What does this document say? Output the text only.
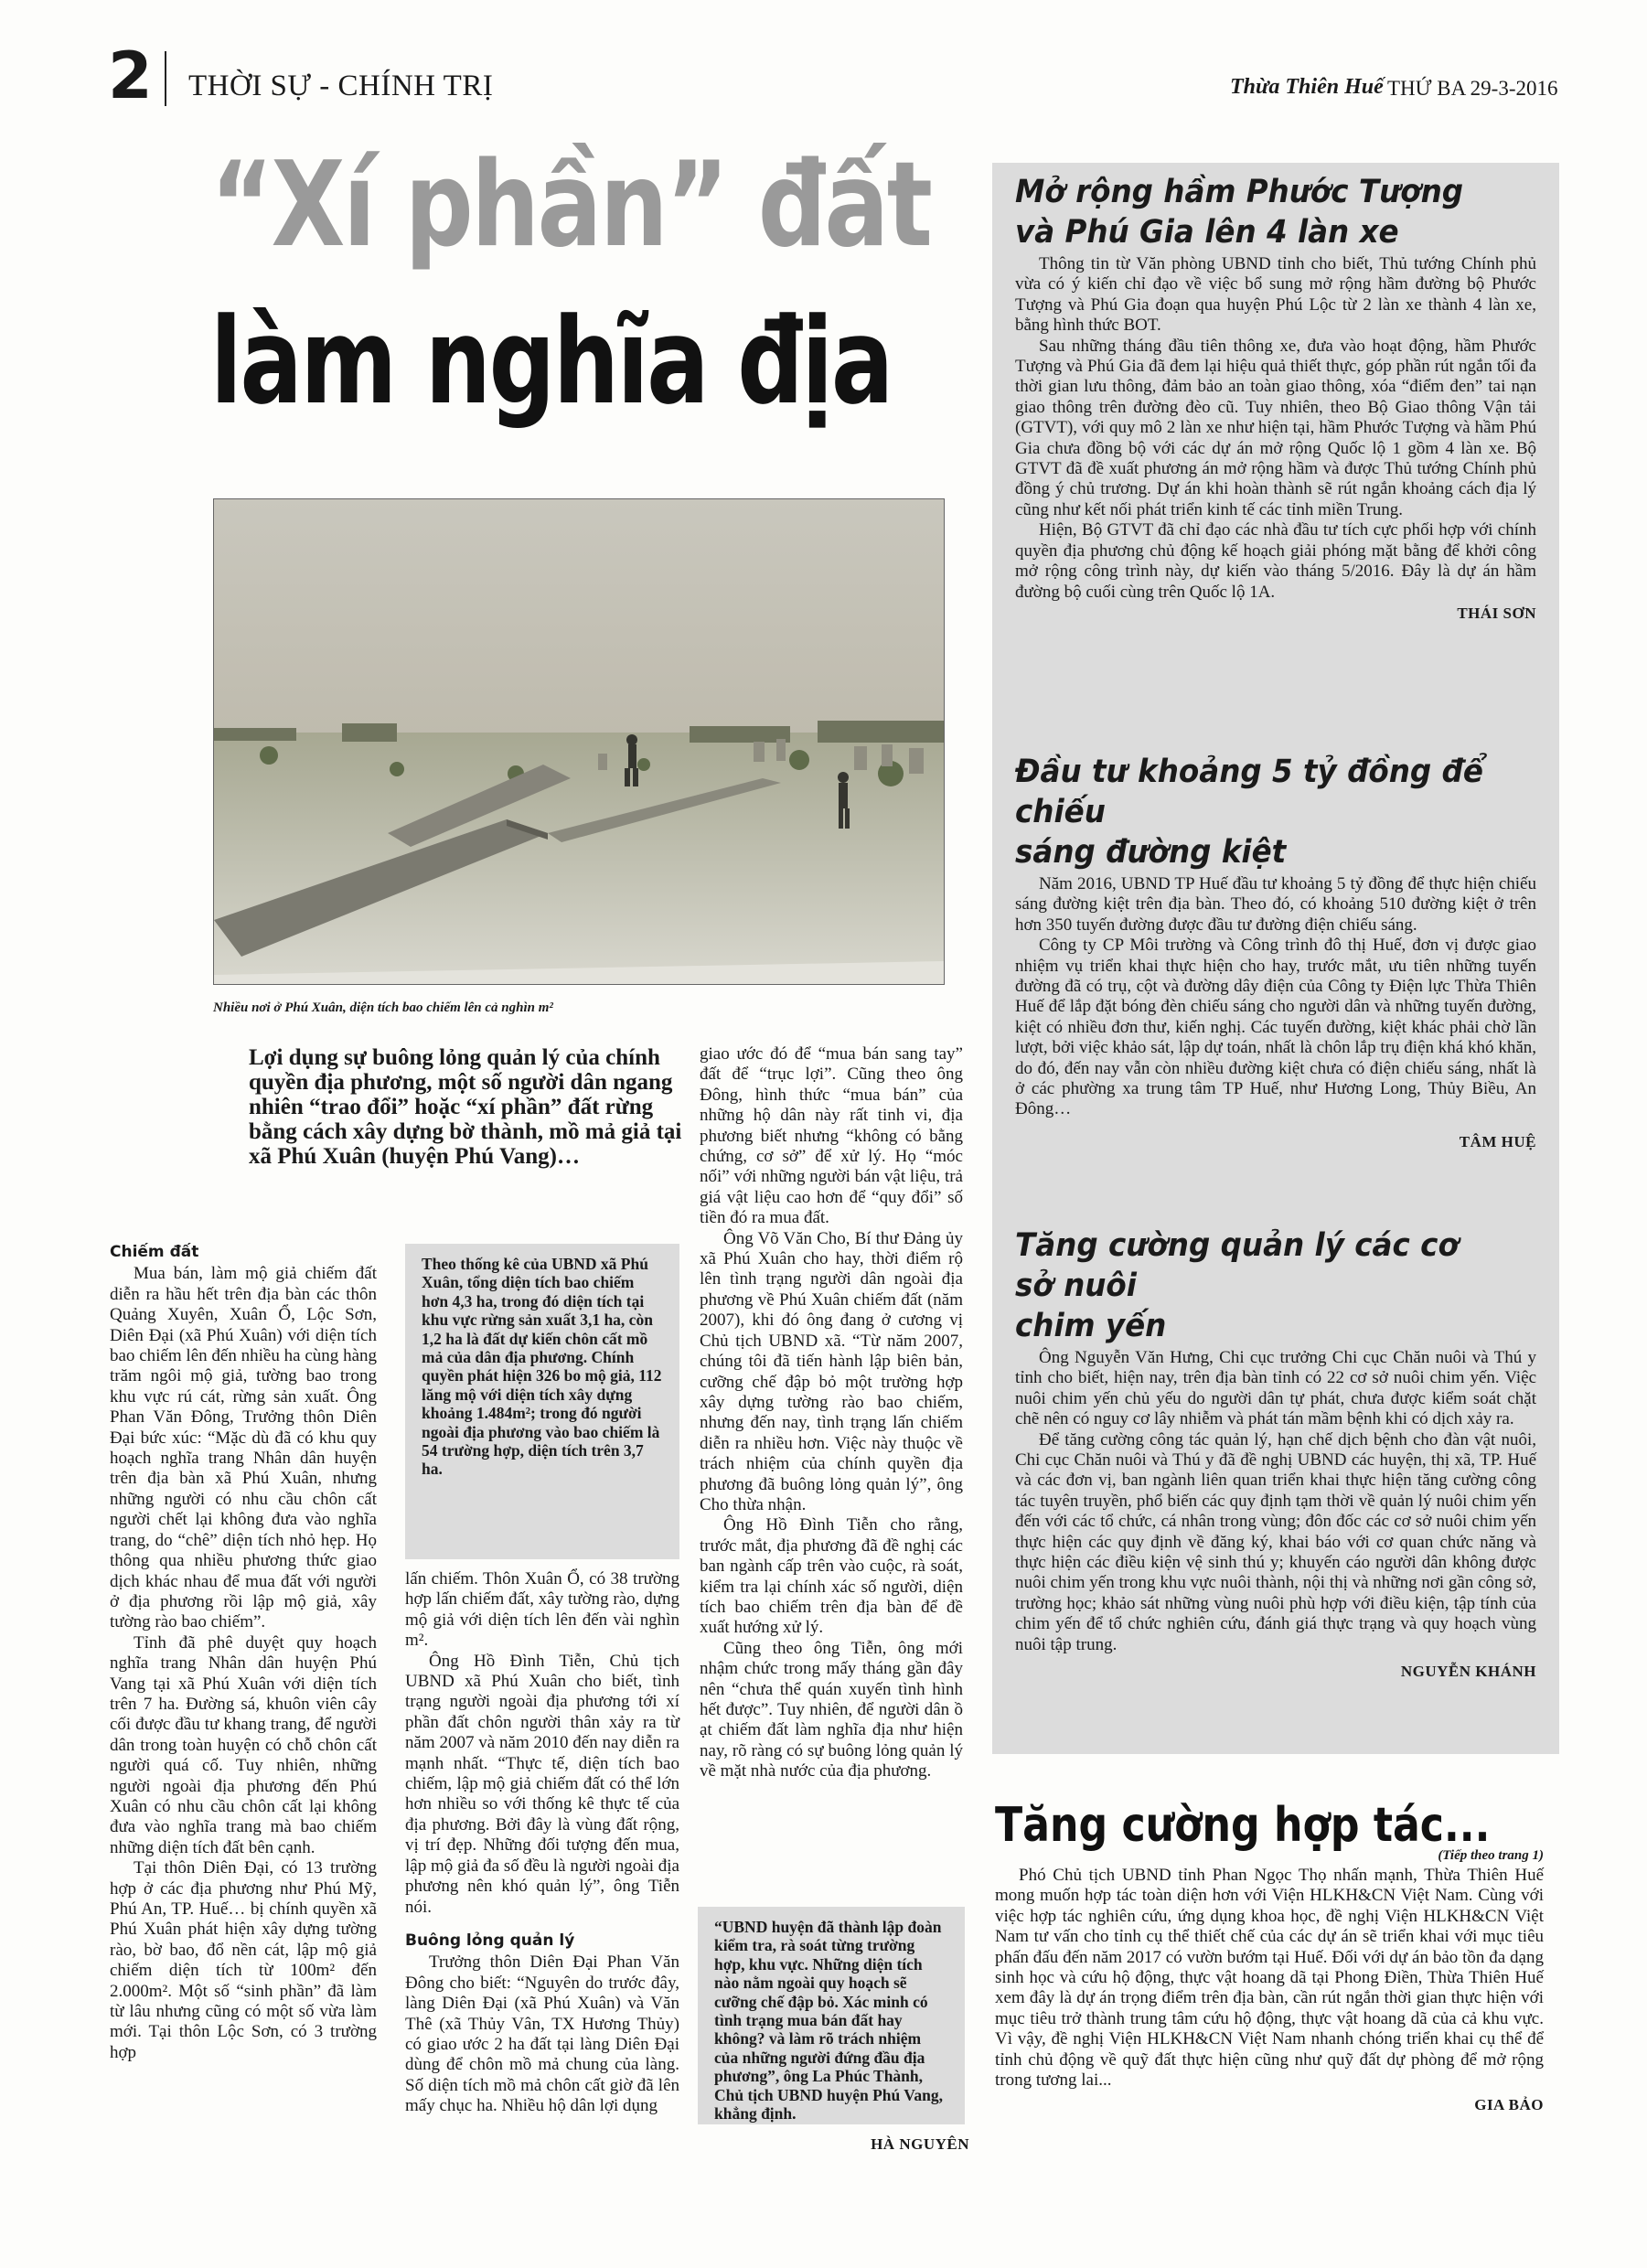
2 THỜI SỰ - CHÍNH TRỊ	Thừa Thiên Huế THỨ BA 29-3-2016
“Xí phần” đất
làm nghĩa địa
Nhiều nơi ở Phú Xuân, diện tích bao chiếm lên cả nghìn m²
Lợi dụng sự buông lỏng quản lý của chính quyền địa phương, một số người dân ngang nhiên “trao đổi” hoặc “xí phần” đất rừng bằng cách xây dựng bờ thành, mồ mả giả tại xã Phú Xuân (huyện Phú Vang)…
Chiếm đất

Mua bán, làm mộ giả chiếm đất diễn ra hầu hết trên địa bàn các thôn Quảng Xuyên, Xuân Ổ, Lộc Sơn, Diên Đại (xã Phú Xuân) với diện tích bao chiếm lên đến nhiều ha cùng hàng trăm ngôi mộ giả, tường bao trong khu vực rú cát, rừng sản xuất. Ông Phan Văn Đông, Trưởng thôn Diên Đại bức xúc: “Mặc dù đã có khu quy hoạch nghĩa trang Nhân dân huyện trên địa bàn xã Phú Xuân, nhưng những người có nhu cầu chôn cất người chết lại không đưa vào nghĩa trang, do “chê” diện tích nhỏ hẹp. Họ thông qua nhiều phương thức giao dịch khác nhau để mua đất với người ở địa phương rồi lập mộ giả, xây tường rào bao chiếm”.

Tỉnh đã phê duyệt quy hoạch nghĩa trang Nhân dân huyện Phú Vang tại xã Phú Xuân với diện tích trên 7 ha. Đường sá, khuôn viên cây cối được đầu tư khang trang, để người dân trong toàn huyện có chỗ chôn cất người quá cố. Tuy nhiên, những người ngoài địa phương đến Phú Xuân có nhu cầu chôn cất lại không đưa vào nghĩa trang mà bao chiếm những diện tích đất bên cạnh.

Tại thôn Diên Đại, có 13 trường hợp ở các địa phương như Phú Mỹ, Phú An, TP. Huế… bị chính quyền xã Phú Xuân phát hiện xây dựng tường rào, bờ bao, đổ nền cát, lập mộ giả chiếm diện tích từ 100m² đến 2.000m². Một số “sinh phần” đã làm từ lâu nhưng cũng có một số vừa làm mới. Tại thôn Lộc Sơn, có 3 trường hợp

Theo thống kê của UBND xã Phú Xuân, tổng diện tích bao chiếm hơn 4,3 ha, trong đó diện tích tại khu vực rừng sản xuất 3,1 ha, còn 1,2 ha là đất dự kiến chôn cất mồ mả của dân địa phương. Chính quyền phát hiện 326 bo mộ giả, 112 lăng mộ với diện tích xây dựng khoảng 1.484m²; trong đó người ngoài địa phương vào bao chiếm là 54 trường hợp, diện tích trên 3,7 ha.

lấn chiếm. Thôn Xuân Ổ, có 38 trường hợp lấn chiếm đất, xây tường rào, dựng mộ giả với diện tích lên đến vài nghìn m².

Ông Hồ Đình Tiễn, Chủ tịch UBND xã Phú Xuân cho biết, tình trạng người ngoài địa phương tới xí phần đất chôn người thân xảy ra từ năm 2007 và năm 2010 đến nay diễn ra mạnh nhất. “Thực tế, diện tích bao chiếm, lập mộ giả chiếm đất có thể lớn hơn nhiều so với thống kê thực tế của địa phương. Bởi đây là vùng đất rộng, vị trí đẹp. Những đối tượng đến mua, lập mộ giả đa số đều là người ngoài địa phương nên khó quản lý”, ông Tiễn nói.

Buông lỏng quản lý

Trưởng thôn Diên Đại Phan Văn Đông cho biết: “Nguyên do trước đây, làng Diên Đại (xã Phú Xuân) và Văn Thê (xã Thủy Vân, TX Hương Thủy) có giao ước 2 ha đất tại làng Diên Đại dùng để chôn mồ mả chung của làng. Số diện tích mồ mả chôn cất giờ đã lên mấy chục ha. Nhiều hộ dân lợi dụng

giao ước đó để “mua bán sang tay” đất để “trục lợi”. Cũng theo ông Đông, hình thức “mua bán” của những hộ dân này rất tinh vi, địa phương biết nhưng “không có bằng chứng, cơ sở” để xử lý. Họ “móc nối” với những người bán vật liệu, trả giá vật liệu cao hơn để “quy đổi” số tiền đó ra mua đất.

Ông Võ Văn Cho, Bí thư Đảng ủy xã Phú Xuân cho hay, thời điểm rộ lên tình trạng người dân ngoài địa phương về Phú Xuân chiếm đất (năm 2007), khi đó ông đang ở cương vị Chủ tịch UBND xã. “Từ năm 2007, chúng tôi đã tiến hành lập biên bản, cưỡng chế đập bỏ một trường hợp xây dựng tường rào bao chiếm, nhưng đến nay, tình trạng lấn chiếm diễn ra nhiều hơn. Việc này thuộc về trách nhiệm của chính quyền địa phương đã buông lỏng quản lý”, ông Cho thừa nhận.

Ông Hồ Đình Tiễn cho rằng, trước mắt, địa phương đã đề nghị các ban ngành cấp trên vào cuộc, rà soát, kiểm tra lại chính xác số người, diện tích bao chiếm trên địa bàn để đề xuất hướng xử lý.

Cũng theo ông Tiễn, ông mới nhậm chức trong mấy tháng gần đây nên “chưa thể quán xuyến tình hình hết được”. Tuy nhiên, để người dân ồ ạt chiếm đất làm nghĩa địa như hiện nay, rõ ràng có sự buông lỏng quản lý về mặt nhà nước của địa phương.

“UBND huyện đã thành lập đoàn kiểm tra, rà soát từng trường hợp, khu vực. Những diện tích nào nằm ngoài quy hoạch sẽ cưỡng chế đập bỏ. Xác minh có tình trạng mua bán đất hay không? và làm rõ trách nhiệm của những người đứng đầu địa phương”, ông La Phúc Thành, Chủ tịch UBND huyện Phú Vang, khẳng định.
HÀ NGUYÊN
Mở rộng hầm Phước Tượng
và Phú Gia lên 4 làn xe

Thông tin từ Văn phòng UBND tỉnh cho biết, Thủ tướng Chính phủ vừa có ý kiến chỉ đạo về việc bổ sung mở rộng hầm đường bộ Phước Tượng và Phú Gia đoạn qua huyện Phú Lộc từ 2 làn xe thành 4 làn xe, bằng hình thức BOT.

Sau những tháng đầu tiên thông xe, đưa vào hoạt động, hầm Phước Tượng và Phú Gia đã đem lại hiệu quả thiết thực, góp phần rút ngắn tối đa thời gian lưu thông, đảm bảo an toàn giao thông, xóa “điểm đen” tai nạn giao thông trên đường đèo cũ. Tuy nhiên, theo Bộ Giao thông Vận tải (GTVT), với quy mô 2 làn xe như hiện tại, hầm Phước Tượng và hầm Phú Gia chưa đồng bộ với các dự án mở rộng Quốc lộ 1 gồm 4 làn xe. Bộ GTVT đã đề xuất phương án mở rộng hầm và được Thủ tướng Chính phủ đồng ý chủ trương. Dự án khi hoàn thành sẽ rút ngắn khoảng cách địa lý cũng như kết nối phát triển kinh tế các tỉnh miền Trung.

Hiện, Bộ GTVT đã chỉ đạo các nhà đầu tư tích cực phối hợp với chính quyền địa phương chủ động kế hoạch giải phóng mặt bằng để khởi công mở rộng công trình này, dự kiến vào tháng 5/2016. Đây là dự án hầm đường bộ cuối cùng trên Quốc lộ 1A.

THÁI SƠN
Đầu tư khoảng 5 tỷ đồng để chiếu
sáng đường kiệt

Năm 2016, UBND TP Huế đầu tư khoảng 5 tỷ đồng để thực hiện chiếu sáng đường kiệt trên địa bàn. Theo đó, có khoảng 510 đường kiệt ở trên hơn 350 tuyến đường được đầu tư đường điện chiếu sáng.

Công ty CP Môi trường và Công trình đô thị Huế, đơn vị được giao nhiệm vụ triển khai thực hiện cho hay, trước mắt, ưu tiên những tuyến đường đã có trụ, cột và đường dây điện của Công ty Điện lực Thừa Thiên Huế để lắp đặt bóng đèn chiếu sáng cho người dân và những tuyến đường, kiệt có nhiều đơn thư, kiến nghị. Các tuyến đường, kiệt khác phải chờ lần lượt, bởi việc khảo sát, lập dự toán, nhất là chôn lắp trụ điện khá khó khăn, do đó, đến nay vẫn còn nhiều đường kiệt chưa có điện chiếu sáng, nhất là ở các phường xa trung tâm TP Huế, như Hương Long, Thủy Biều, An Đông…

TÂM HUỆ
Tăng cường quản lý các cơ sở nuôi
chim yến

Ông Nguyễn Văn Hưng, Chi cục trưởng Chi cục Chăn nuôi và Thú y tỉnh cho biết, hiện nay, trên địa bàn tỉnh có 22 cơ sở nuôi chim yến. Việc nuôi chim yến chủ yếu do người dân tự phát, chưa được kiểm soát chặt chẽ nên có nguy cơ lây nhiễm và phát tán mầm bệnh khi có dịch xảy ra.

Để tăng cường công tác quản lý, hạn chế dịch bệnh cho đàn vật nuôi, Chi cục Chăn nuôi và Thú y đã đề nghị UBND các huyện, thị xã, TP. Huế và các đơn vị, ban ngành liên quan triển khai thực hiện tăng cường công tác tuyên truyền, phổ biến các quy định tạm thời về quản lý nuôi chim yến đến với các tổ chức, cá nhân trong vùng; đôn đốc các cơ sở nuôi chim yến thực hiện các quy định về đăng ký, khai báo với cơ quan chức năng và thực hiện các điều kiện vệ sinh thú y; khuyến cáo người dân không được nuôi chim yến trong khu vực nuôi thành, nội thị và những nơi gần công sở, trường học; khảo sát những vùng nuôi phù hợp với điều kiện, tập tính của chim yến để tổ chức nghiên cứu, đánh giá thực trạng và quy hoạch vùng nuôi tập trung.

NGUYỄN KHÁNH
Tăng cường hợp tác...
(Tiếp theo trang 1)

Phó Chủ tịch UBND tỉnh Phan Ngọc Thọ nhấn mạnh, Thừa Thiên Huế mong muốn hợp tác toàn diện hơn với Viện HLKH&CN Việt Nam. Cùng với việc hợp tác nghiên cứu, ứng dụng khoa học, đề nghị Viện HLKH&CN Việt Nam tư vấn cho tỉnh cụ thể thiết chế của các dự án sẽ triển khai với mục tiêu phấn đấu đến năm 2017 có vườn bướm tại Huế. Đối với dự án bảo tồn đa dạng sinh học và cứu hộ động, thực vật hoang dã tại Phong Điền, Thừa Thiên Huế xem đây là dự án trọng điểm trên địa bàn, cần rút ngắn thời gian thực hiện với mục tiêu trở thành trung tâm cứu hộ động, thực vật hoang dã của cả khu vực. Vì vậy, đề nghị Viện HLKH&CN Việt Nam nhanh chóng triển khai cụ thể để tỉnh chủ động về quỹ đất thực hiện cũng như quỹ đất dự phòng để mở rộng trong tương lai...

GIA BẢO
